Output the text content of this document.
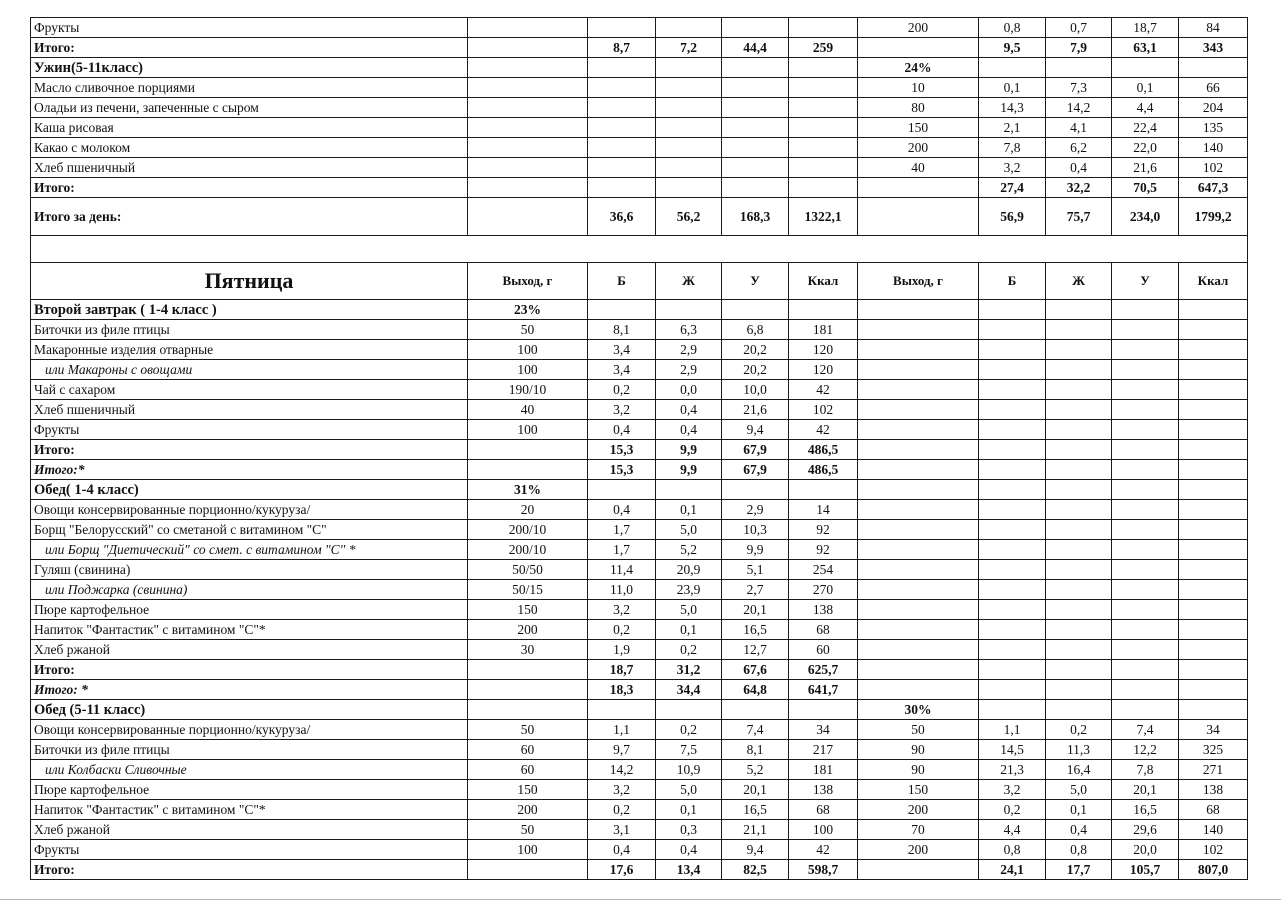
Фрукты						200	0,8	0,7	18,7	84
Итого:		8,7	7,2	44,4	259		9,5	7,9	63,1	343
Ужин(5-11класс)						24%				
Масло сливочное порциями						10	0,1	7,3	0,1	66
Оладьи из печени, запеченные с сыром						80	14,3	14,2	4,4	204
Каша рисовая						150	2,1	4,1	22,4	135
Какао с молоком						200	7,8	6,2	22,0	140
Хлеб пшеничный						40	3,2	0,4	21,6	102
Итого:							27,4	32,2	70,5	647,3
Итого за день:		36,6	56,2	168,3	1322,1		56,9	75,7	234,0	1799,2

Пятница	Выход, г	Б	Ж	У	Ккал	Выход, г	Б	Ж	У	Ккал
Второй завтрак ( 1-4 класс )	23%									
Биточки из филе птицы	50	8,1	6,3	6,8	181					
Макаронные изделия отварные	100	3,4	2,9	20,2	120					
или Макароны с овощами	100	3,4	2,9	20,2	120					
Чай с сахаром	190/10	0,2	0,0	10,0	42					
Хлеб пшеничный	40	3,2	0,4	21,6	102					
Фрукты	100	0,4	0,4	9,4	42					
Итого:		15,3	9,9	67,9	486,5					
Итого:*		15,3	9,9	67,9	486,5					
Обед( 1-4 класс)	31%									
Овощи консервированные порционно/кукуруза/	20	0,4	0,1	2,9	14					
Борщ "Белорусский" со сметаной с витамином "С"	200/10	1,7	5,0	10,3	92					
или Борщ "Диетический" со смет. с витамином "С" *	200/10	1,7	5,2	9,9	92					
Гуляш (свинина)	50/50	11,4	20,9	5,1	254					
или Поджарка (свинина)	50/15	11,0	23,9	2,7	270					
Пюре картофельное	150	3,2	5,0	20,1	138					
Напиток "Фантастик" с витамином "С"*	200	0,2	0,1	16,5	68					
Хлеб ржаной	30	1,9	0,2	12,7	60					
Итого:		18,7	31,2	67,6	625,7					
Итого: *		18,3	34,4	64,8	641,7					
Обед (5-11 класс)						30%				
Овощи консервированные порционно/кукуруза/	50	1,1	0,2	7,4	34	50	1,1	0,2	7,4	34
Биточки из филе птицы	60	9,7	7,5	8,1	217	90	14,5	11,3	12,2	325
или Колбаски Сливочные	60	14,2	10,9	5,2	181	90	21,3	16,4	7,8	271
Пюре картофельное	150	3,2	5,0	20,1	138	150	3,2	5,0	20,1	138
Напиток "Фантастик" с витамином "С"*	200	0,2	0,1	16,5	68	200	0,2	0,1	16,5	68
Хлеб ржаной	50	3,1	0,3	21,1	100	70	4,4	0,4	29,6	140
Фрукты	100	0,4	0,4	9,4	42	200	0,8	0,8	20,0	102
Итого:		17,6	13,4	82,5	598,7		24,1	17,7	105,7	807,0
